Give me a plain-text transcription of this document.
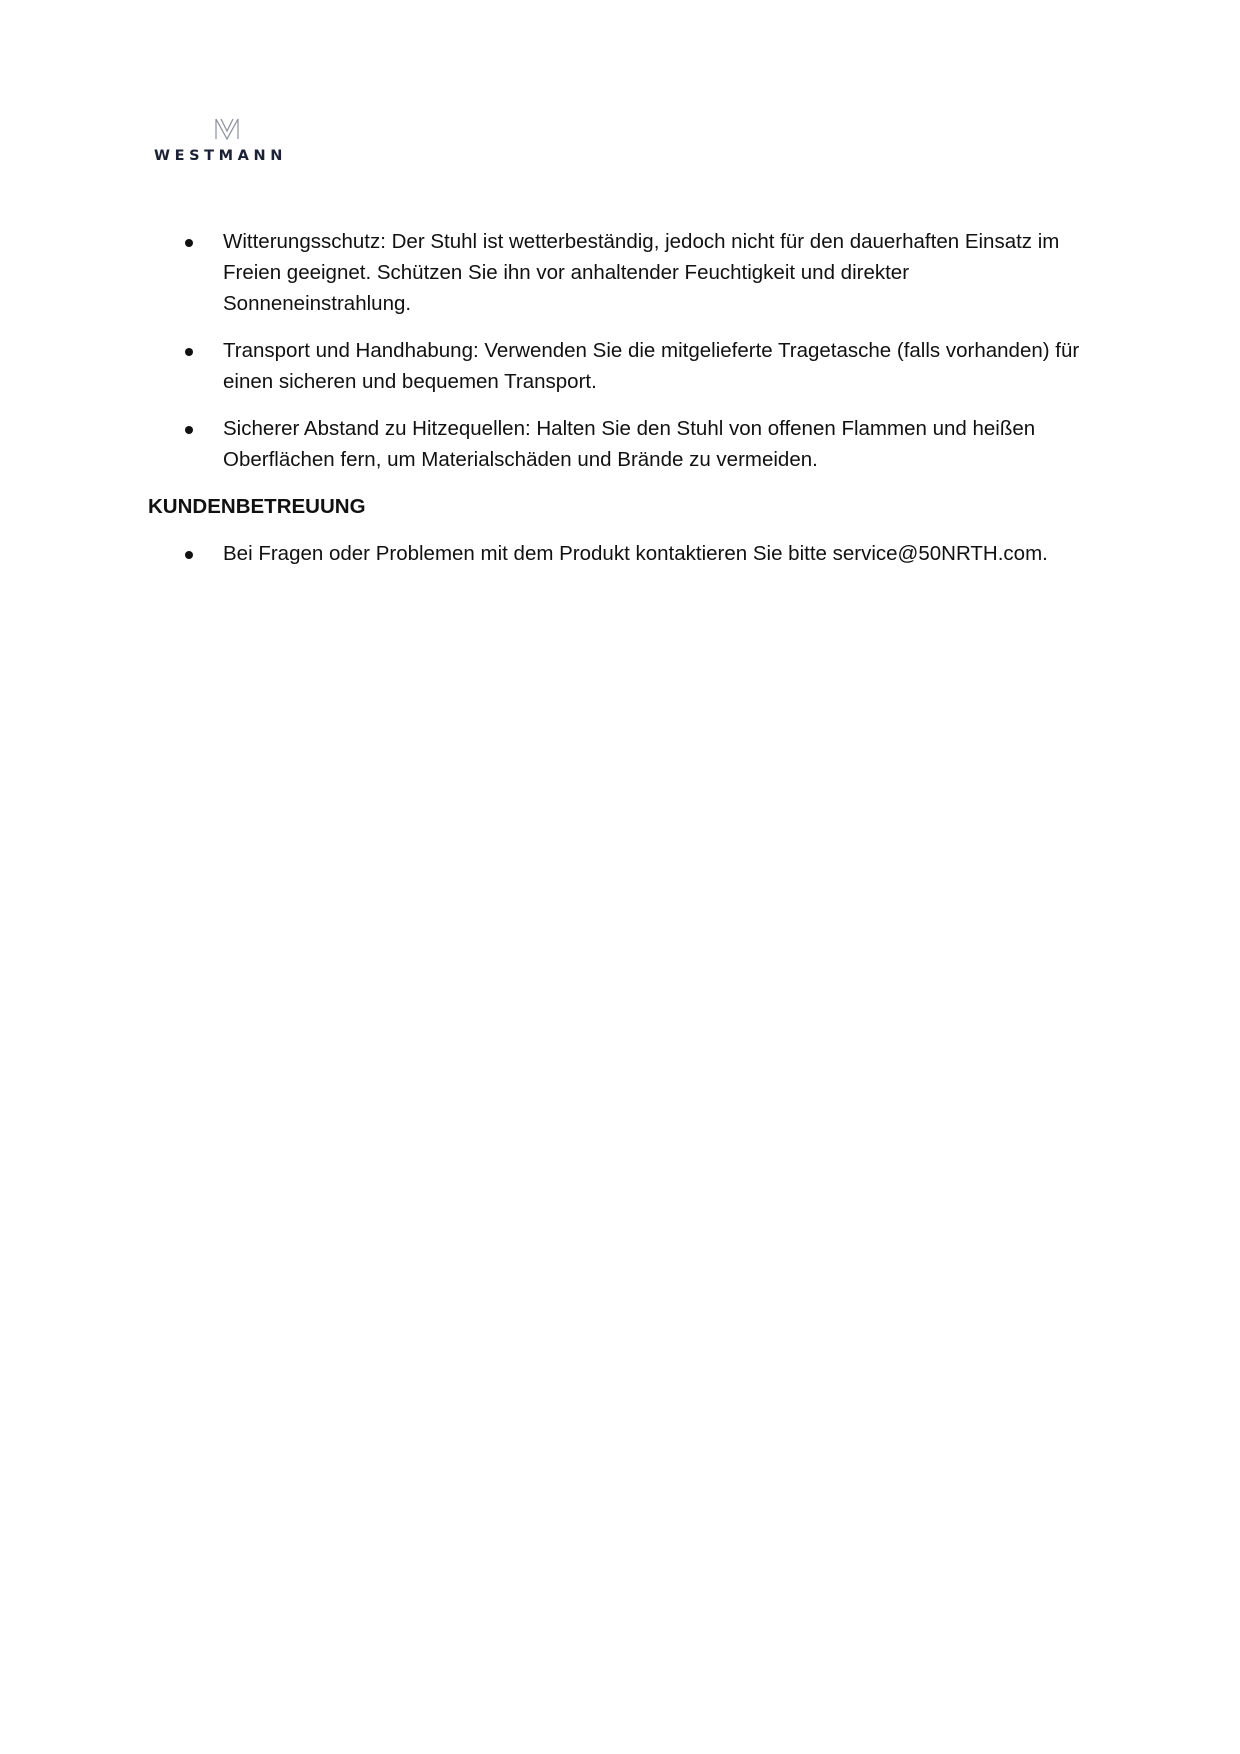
WESTMANN
Witterungsschutz: Der Stuhl ist wetterbeständig, jedoch nicht für den dauerhaften Einsatz im Freien geeignet. Schützen Sie ihn vor anhaltender Feuchtigkeit und direkter Sonneneinstrahlung.
Transport und Handhabung: Verwenden Sie die mitgelieferte Tragetasche (falls vorhanden) für einen sicheren und bequemen Transport.
Sicherer Abstand zu Hitzequellen: Halten Sie den Stuhl von offenen Flammen und heißen Oberflächen fern, um Materialschäden und Brände zu vermeiden.
KUNDENBETREUUNG
Bei Fragen oder Problemen mit dem Produkt kontaktieren Sie bitte service@50NRTH.com.
